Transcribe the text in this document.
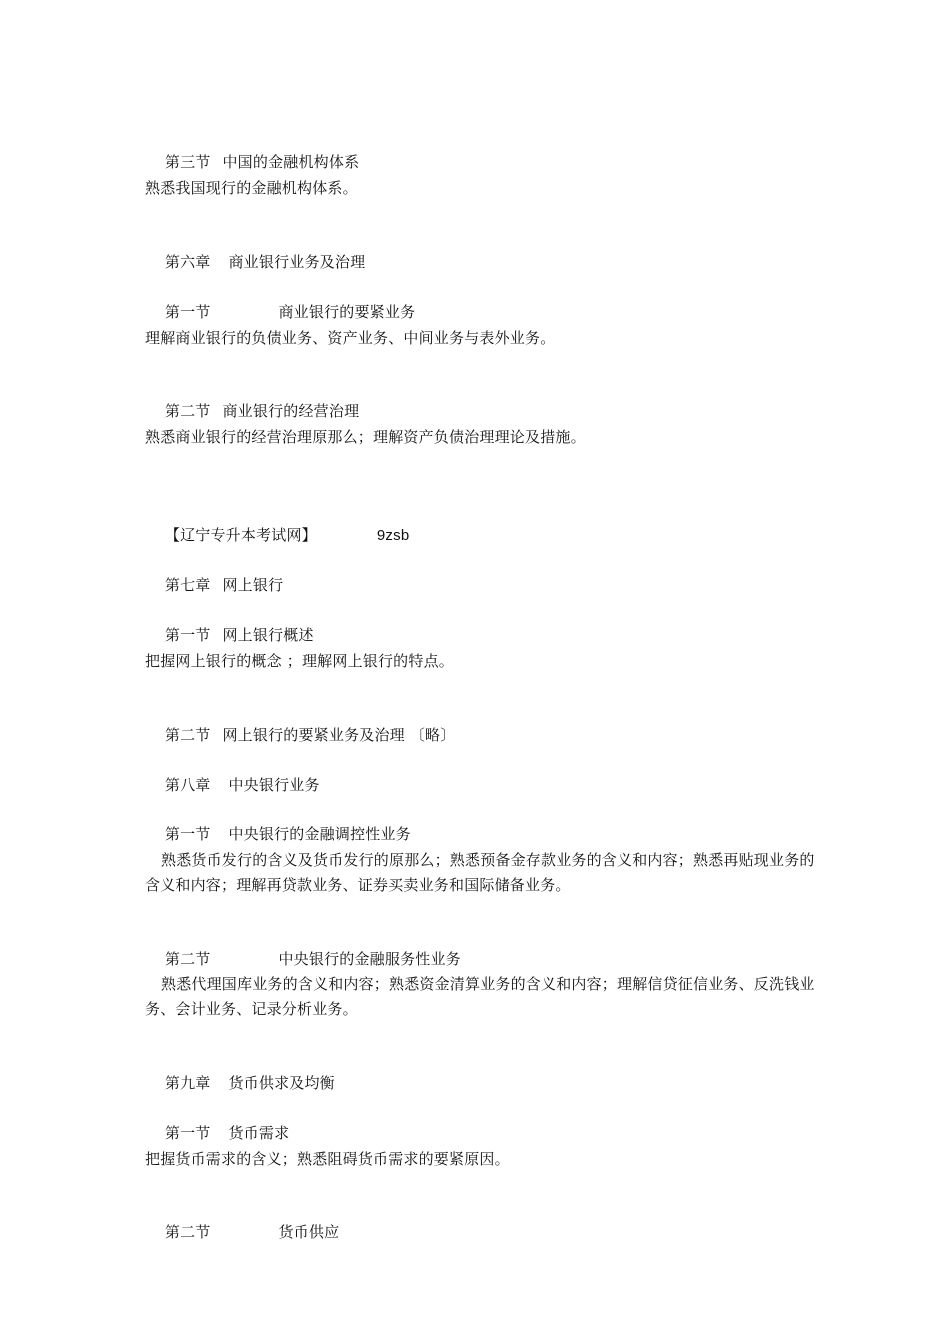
第三节 中国的金融机构体系

熟悉我国现行的金融机构体系。

第六章 商业银行业务及治理

第一节	商业银行的要紧业务

理解商业银行的负债业务、资产业务、中间业务与表外业务。

第二节 商业银行的经营治理

熟悉商业银行的经营治理原那么；理解资产负债治理理论及措施。

【辽宁专升本考试网】	9zsb

第七章 网上银行

第一节 网上银行概述

把握网上银行的概念 ；理解网上银行的特点。

第二节 网上银行的要紧业务及治理 〔略〕

第八章 中央银行业务

第一节 中央银行的金融调控性业务

熟悉货币发行的含义及货币发行的原那么；熟悉预备金存款业务的含义和内容；熟悉再贴现业务的含义和内容；理解再贷款业务、证券买卖业务和国际储备业务。

第二节	中央银行的金融服务性业务

熟悉代理国库业务的含义和内容；熟悉资金清算业务的含义和内容；理解信贷征信业务、反洗钱业务、会计业务、记录分析业务。

第九章 货币供求及均衡

第一节 货币需求

把握货币需求的含义；熟悉阻碍货币需求的要紧原因。

第二节	货币供应
